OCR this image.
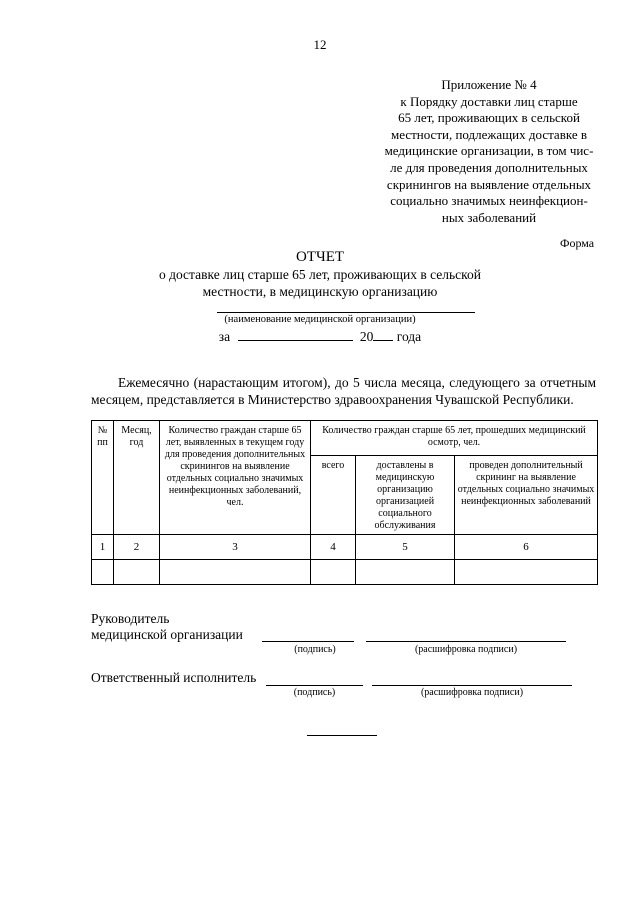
12
Приложение № 4
к Порядку доставки лиц старше
65 лет, проживающих в сельской
местности, подлежащих доставке в
медицинские организации, в том чис-
ле для проведения дополнительных
скринингов на выявление отдельных
социально значимых неинфекцион-
ных заболеваний
Форма
ОТЧЕТ
о доставке лиц старше 65 лет, проживающих в сельской
местности, в медицинскую организацию
(наименование медицинской организации)
за	20 года
Ежемесячно (нарастающим итогом), до 5 числа месяца, следующего за отчетным месяцем, представляется в Министерство здравоохранения Чувашской Республики.
№ пп	Месяц, год	Количество граждан старше 65 лет, выявленных в текущем году для проведения дополнительных скринингов на выявление отдельных социально значимых неинфекционных заболеваний, чел.	Количество граждан старше 65 лет, прошедших медицинский осмотр, чел.		
			всего	доставлены в медицинскую организацию организацией социального обслуживания	проведен дополнительный скрининг на выявление отдельных социально значимых неинфекционных заболеваний
1	2	3	4	5	6

Руководитель
медицинской организации
(подпись)	(расшифровка подписи)
Ответственный исполнитель
(подпись)	(расшифровка подписи)
